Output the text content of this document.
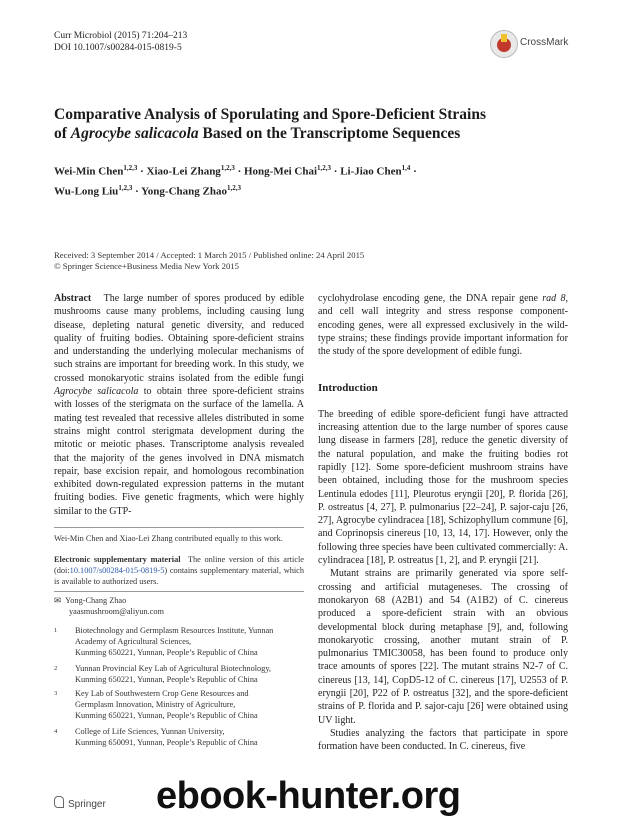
Curr Microbiol (2015) 71:204–213
DOI 10.1007/s00284-015-0819-5	CrossMark
Comparative Analysis of Sporulating and Spore-Deficient Strains
of Agrocybe salicacola Based on the Transcriptome Sequences
Wei-Min Chen$^{1,2,3}$ · Xiao-Lei Zhang$^{1,2,3}$ · Hong-Mei Chai$^{1,2,3}$ · Li-Jiao Chen$^{1,4}$ ·
Wu-Long Liu$^{1,2,3}$ · Yong-Chang Zhao$^{1,2,3}$
Received: 3 September 2014 / Accepted: 1 March 2015 / Published online: 24 April 2015
© Springer Science+Business Media New York 2015

Abstract The large number of spores produced by edible mushrooms cause many problems, including causing lung disease, depleting natural genetic diversity, and reduced quality of fruiting bodies. Obtaining spore-deficient strains and understanding the underlying molecular mechanisms of such strains are important for breeding work. In this study, we crossed monokaryotic strains isolated from the edible fungi Agrocybe salicacola to obtain three spore-deficient strains with losses of the sterigmata on the surface of the lamella. A mating test revealed that recessive alleles distributed in some strains might control sterigmata development during the mitotic or meiotic phases. Transcriptome analysis revealed that the majority of the genes involved in DNA mismatch repair, base excision repair, and homologous recombination exhibited down-regulated expression patterns in the mutant fruiting bodies. Five genetic fragments, which were highly similar to the GTP-

Wei-Min Chen and Xiao-Lei Zhang contributed equally to this work.
Electronic supplementary material The online version of this article (doi:10.1007/s00284-015-0819-5) contains supplementary material, which is available to authorized users.
✉ Yong-Chang Zhao
yaasmushroom@aliyun.com
1 Biotechnology and Germplasm Resources Institute, Yunnan
Academy of Agricultural Sciences,
Kunming 650221, Yunnan, People’s Republic of China
2 Yunnan Provincial Key Lab of Agricultural Biotechnology,
Kunming 650221, Yunnan, People’s Republic of China
3 Key Lab of Southwestern Crop Gene Resources and
Germplasm Innovation, Ministry of Agriculture,
Kunming 650221, Yunnan, People’s Republic of China
4 College of Life Sciences, Yunnan University,
Kunming 650091, Yunnan, People’s Republic of China

cyclohydrolase encoding gene, the DNA repair gene rad 8, and cell wall integrity and stress response component-encoding genes, were all expressed exclusively in the wild-type strains; these findings provide important information for the study of the spore development of edible fungi.

Introduction

The breeding of edible spore-deficient fungi have attracted increasing attention due to the large number of spores cause lung disease in farmers [28], reduce the genetic diversity of the natural population, and make the fruiting bodies rot rapidly [12]. Some spore-deficient mushroom strains have been obtained, including those for the mushroom species Lentinula edodes [11], Pleurotus eryngii [20], P. florida [26], P. ostreatus [4, 27], P. pulmonarius [22–24], P. sajor-caju [26, 27], Agrocybe cylindracea [18], Schizophyllum commune [6], and Coprinopsis cinereus [10, 13, 14, 17]. However, only the following three species have been cultivated commercially: A. cylindracea [18], P. ostreatus [1, 2], and P. eryngii [21].

Mutant strains are primarily generated via spore self-crossing and artificial mutageneses. The crossing of monokaryon 68 (A2B1) and 54 (A1B2) of C. cinereus produced a spore-deficient strain with an obvious developmental block during metaphase [9], and, following monokaryotic crossing, another mutant strain of P. pulmonarius TMIC30058, has been found to produce only trace amounts of spores [22]. The mutant strains N2-7 of C. cinereus [13, 14], CopD5-12 of C. cinereus [17], U2553 of P. eryngii [20], P22 of P. ostreatus [32], and the spore-deficient strains of P. florida and P. sajor-caju [26] were obtained using UV light.

Studies analyzing the factors that participate in spore formation have been conducted. In C. cinereus, five

Springer ebook-hunter.org
